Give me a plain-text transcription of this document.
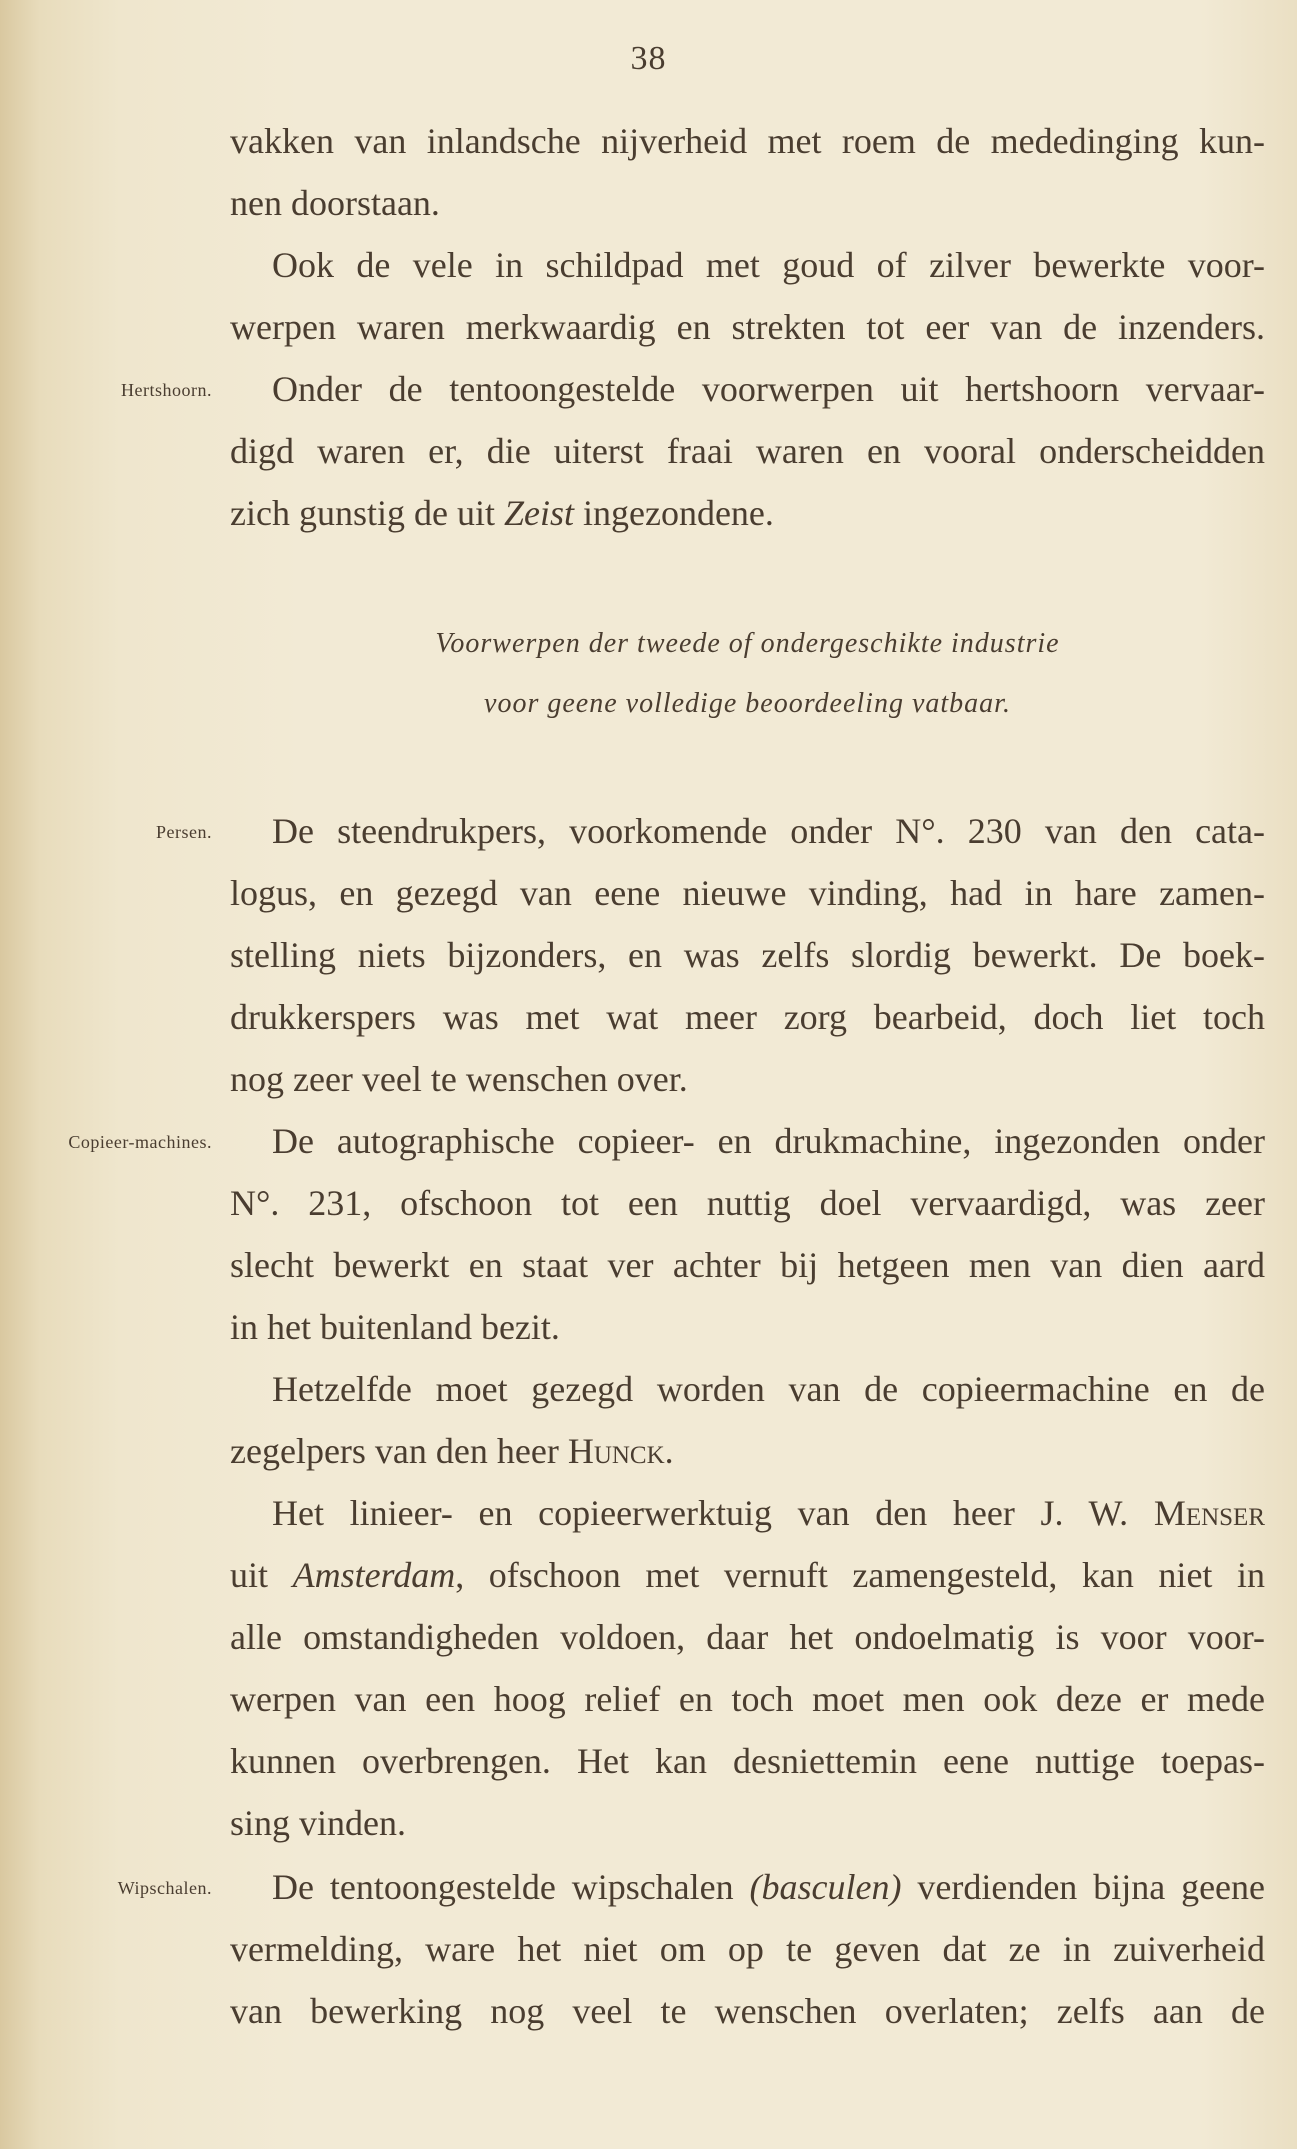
38

vakken van inlandsche nijverheid met roem de mededinging kun-
nen doorstaan.

Ook de vele in schildpad met goud of zilver bewerkte voor-
werpen waren merkwaardig en strekten tot eer van de inzenders.

Hertshoorn.	Onder de tentoongestelde voorwerpen uit hertshoorn vervaar-
digd waren er, die uiterst fraai waren en vooral onderscheidden
zich gunstig de uit Zeist ingezondene.

Voorwerpen der tweede of ondergeschikte industrie
voor geene volledige beoordeeling vatbaar.
Persen.	De steendrukpers, voorkomende onder N°. 230 van den cata-
logus, en gezegd van eene nieuwe vinding, had in hare zamen-
stelling niets bijzonders, en was zelfs slordig bewerkt. De boek-
drukkerspers was met wat meer zorg bearbeid, doch liet toch
nog zeer veel te wenschen over.

Copieer-machines.	De autographische copieer- en drukmachine, ingezonden onder
N°. 231, ofschoon tot een nuttig doel vervaardigd, was zeer
slecht bewerkt en staat ver achter bij hetgeen men van dien aard
in het buitenland bezit.

Hetzelfde moet gezegd worden van de copieermachine en de
zegelpers van den heer Hunck.

Het linieer- en copieerwerktuig van den heer J. W. Menser
uit Amsterdam, ofschoon met vernuft zamengesteld, kan niet in
alle omstandigheden voldoen, daar het ondoelmatig is voor voor-
werpen van een hoog relief en toch moet men ook deze er mede
kunnen overbrengen. Het kan desniettemin eene nuttige toepas-
sing vinden.

Wipschalen.	De tentoongestelde wipschalen (basculen) verdienden bijna geene
vermelding, ware het niet om op te geven dat ze in zuiverheid
van bewerking nog veel te wenschen overlaten; zelfs aan de
